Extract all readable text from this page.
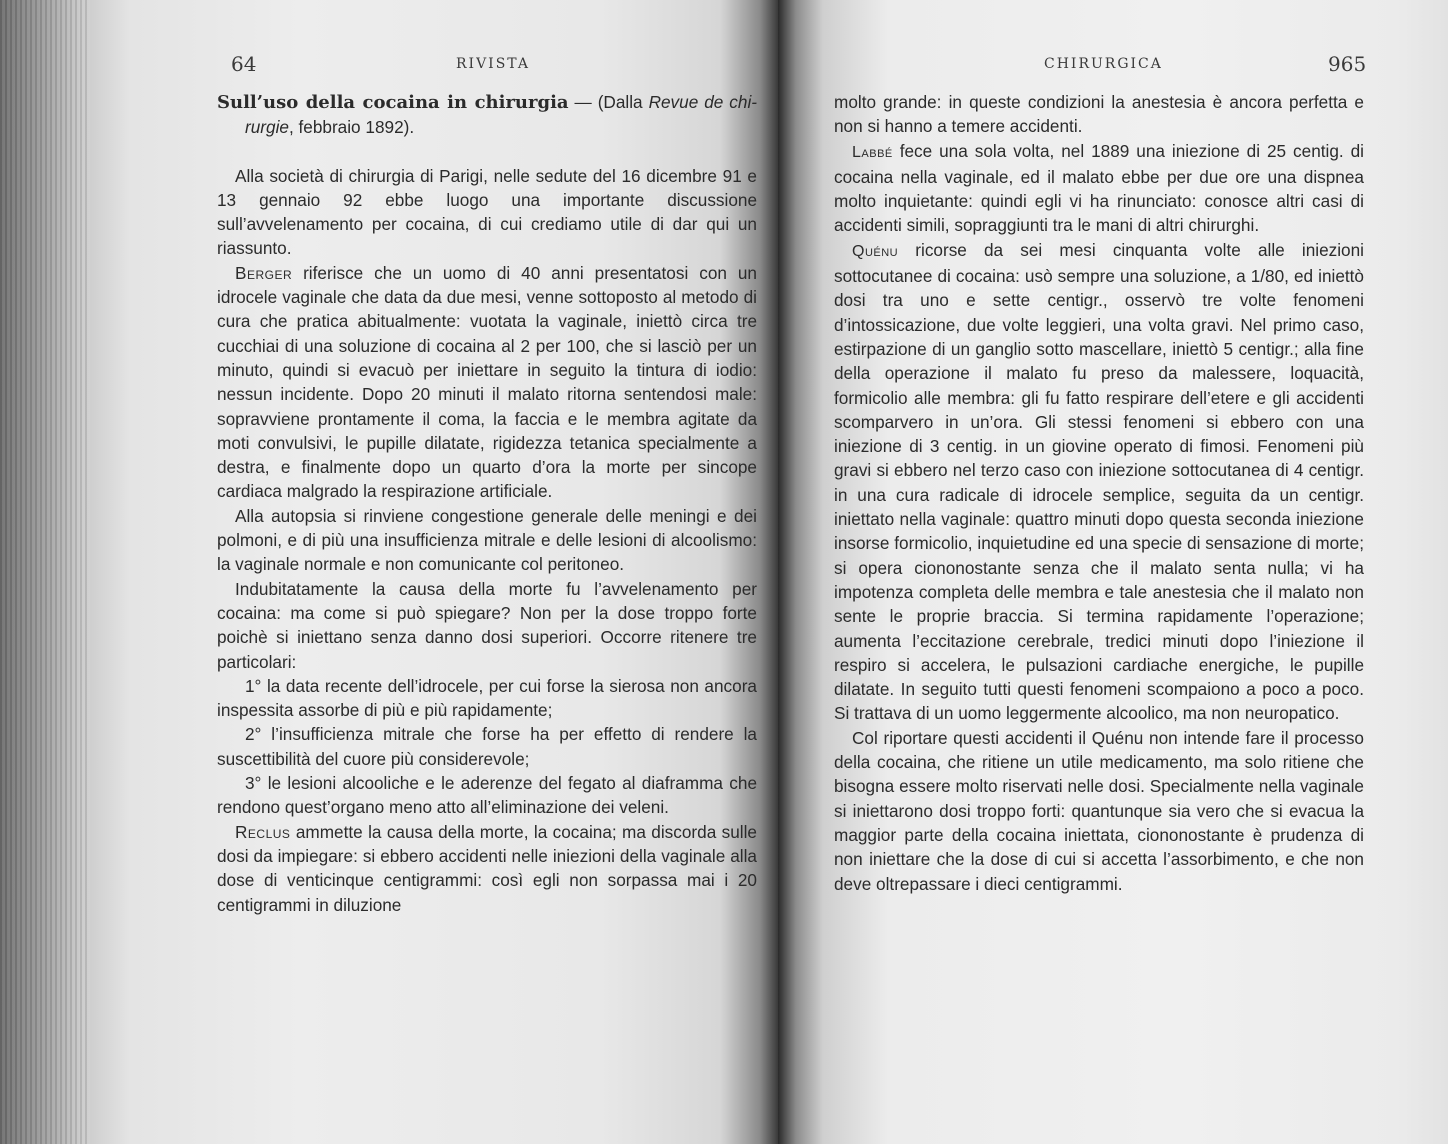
64	RIVISTA

Sull’uso della cocaina in chirurgia — (Dalla Revue de chi-rurgie, febbraio 1892).

Alla società di chirurgia di Parigi, nelle sedute del 16 dicembre 91 e 13 gennaio 92 ebbe luogo una importante discussione sull’avvelenamento per cocaina, di cui crediamo utile di dar qui un riassunto.

Berger riferisce che un uomo di 40 anni presentatosi con un idrocele vaginale che data da due mesi, venne sottoposto al metodo di cura che pratica abitualmente: vuotata la vaginale, iniettò circa tre cucchiai di una soluzione di cocaina al 2 per 100, che si lasciò per un minuto, quindi si evacuò per iniettare in seguito la tintura di iodio: nessun incidente. Dopo 20 minuti il malato ritorna sentendosi male: sopravviene prontamente il coma, la faccia e le membra agitate da moti convulsivi, le pupille dilatate, rigidezza tetanica specialmente a destra, e finalmente dopo un quarto d’ora la morte per sincope cardiaca malgrado la respirazione artificiale.

Alla autopsia si rinviene congestione generale delle meningi e dei polmoni, e di più una insufficienza mitrale e delle lesioni di alcoolismo: la vaginale normale e non comunicante col peritoneo.

Indubitatamente la causa della morte fu l’avvelenamento per cocaina: ma come si può spiegare? Non per la dose troppo forte poichè si iniettano senza danno dosi superiori. Occorre ritenere tre particolari:

1° la data recente dell’idrocele, per cui forse la sierosa non ancora inspessita assorbe di più e più rapidamente;

2° l’insufficienza mitrale che forse ha per effetto di rendere la suscettibilità del cuore più considerevole;

3° le lesioni alcooliche e le aderenze del fegato al diaframma che rendono quest’organo meno atto all’eliminazione dei veleni.

Reclus ammette la causa della morte, la cocaina; ma discorda sulle dosi da impiegare: si ebbero accidenti nelle iniezioni della vaginale alla dose di venticinque centigrammi: così egli non sorpassa mai i 20 centigrammi in diluzione

CHIRURGICA	965

molto grande: in queste condizioni la anestesia è ancora perfetta e non si hanno a temere accidenti.

Labbé fece una sola volta, nel 1889 una iniezione di 25 centig. di cocaina nella vaginale, ed il malato ebbe per due ore una dispnea molto inquietante: quindi egli vi ha rinunciato: conosce altri casi di accidenti simili, sopraggiunti tra le mani di altri chirurghi.

Quénu ricorse da sei mesi cinquanta volte alle iniezioni sottocutanee di cocaina: usò sempre una soluzione, a 1/80, ed iniettò dosi tra uno e sette centigr., osservò tre volte fenomeni d’intossicazione, due volte leggieri, una volta gravi. Nel primo caso, estirpazione di un ganglio sotto mascellare, iniettò 5 centigr.; alla fine della operazione il malato fu preso da malessere, loquacità, formicolio alle membra: gli fu fatto respirare dell’etere e gli accidenti scomparvero in un’ora. Gli stessi fenomeni si ebbero con una iniezione di 3 centig. in un giovine operato di fimosi. Fenomeni più gravi si ebbero nel terzo caso con iniezione sottocutanea di 4 centigr. in una cura radicale di idrocele semplice, seguita da un centigr. iniettato nella vaginale: quattro minuti dopo questa seconda iniezione insorse formicolio, inquietudine ed una specie di sensazione di morte; si opera ciononostante senza che il malato senta nulla; vi ha impotenza completa delle membra e tale anestesia che il malato non sente le proprie braccia. Si termina rapidamente l’operazione; aumenta l’eccitazione cerebrale, tredici minuti dopo l’iniezione il respiro si accelera, le pulsazioni cardiache energiche, le pupille dilatate. In seguito tutti questi fenomeni scompaiono a poco a poco. Si trattava di un uomo leggermente alcoolico, ma non neuropatico.

Col riportare questi accidenti il Quénu non intende fare il processo della cocaina, che ritiene un utile medicamento, ma solo ritiene che bisogna essere molto riservati nelle dosi. Specialmente nella vaginale si iniettarono dosi troppo forti: quantunque sia vero che si evacua la maggior parte della cocaina iniettata, ciononostante è prudenza di non iniettare che la dose di cui si accetta l’assorbimento, e che non deve oltrepassare i dieci centigrammi.
